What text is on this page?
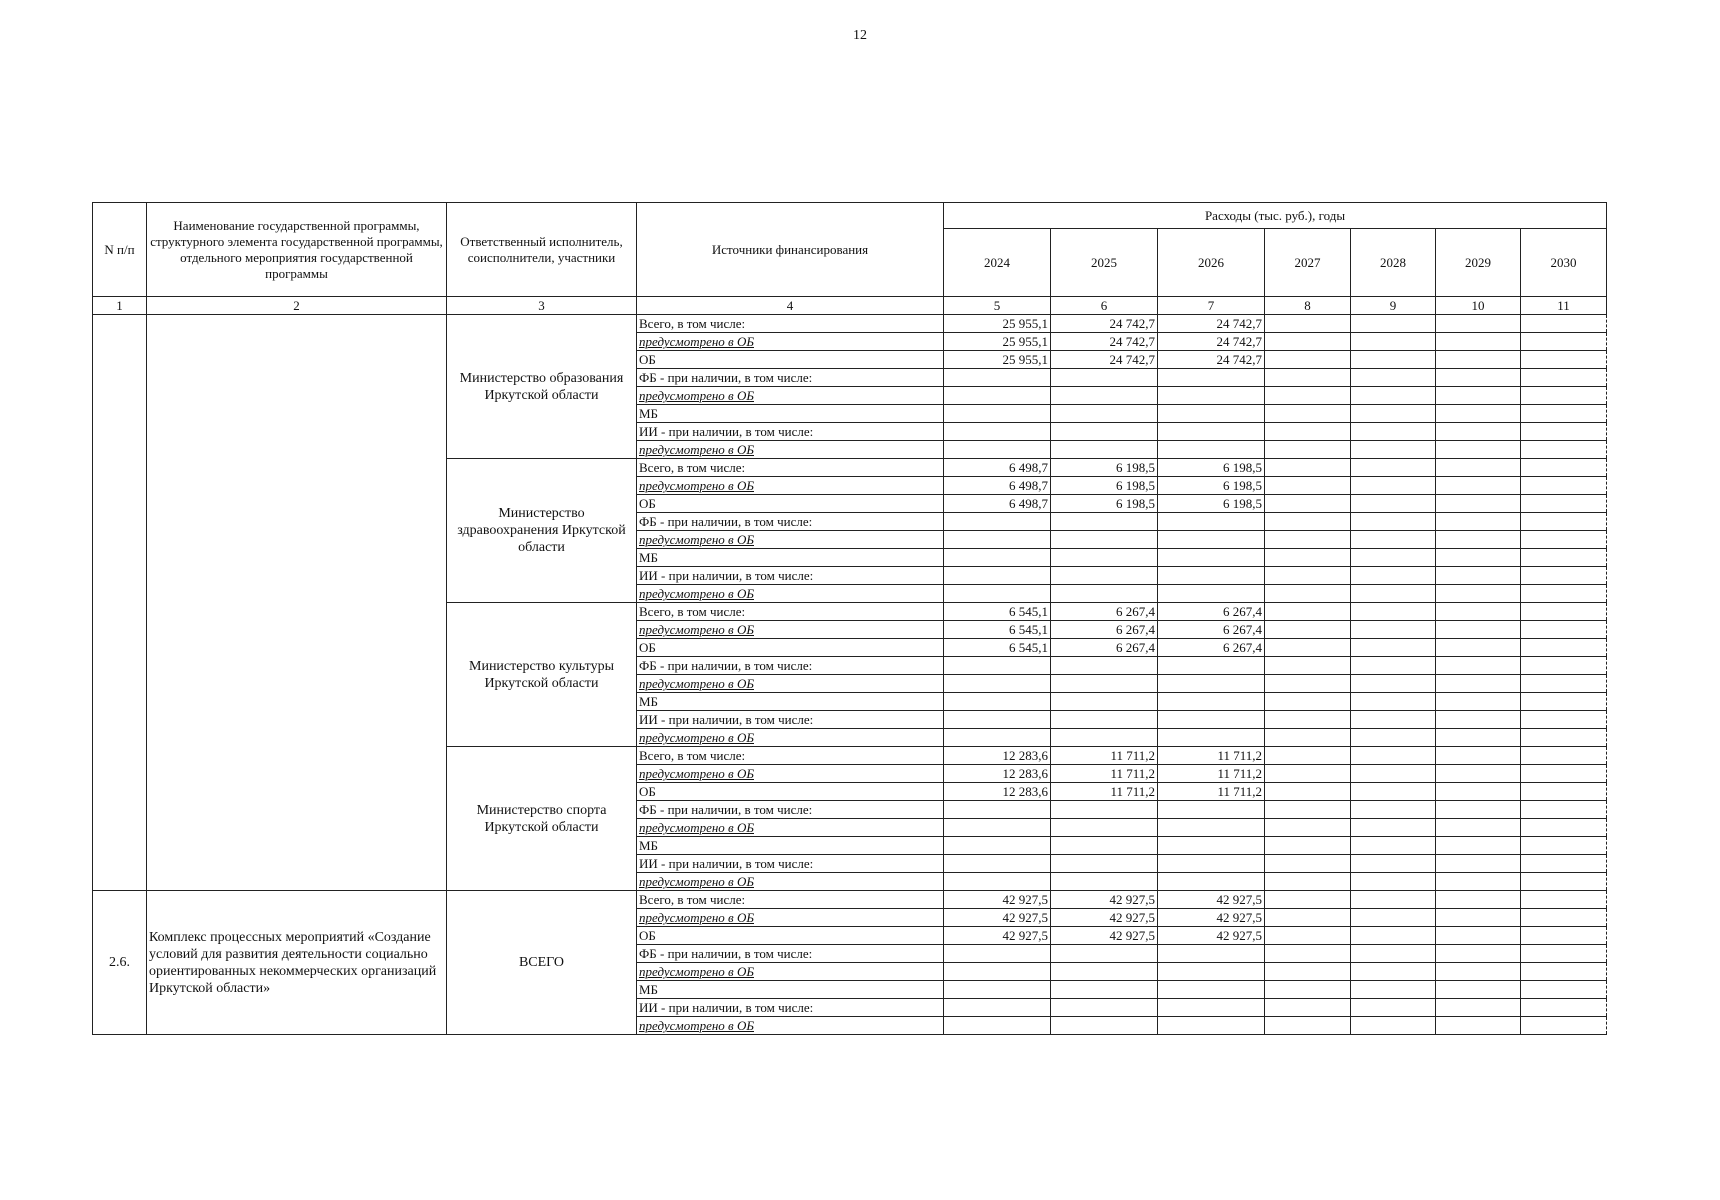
12
N п/п	Наименование государственной программы, структурного элемента государственной программы, отдельного мероприятия государственной программы	Ответственный исполнитель, соисполнители, участники	Источники финансирования	Расходы (тыс. руб.), годы						
				2024	2025	2026	2027	2028	2029	2030
1	2	3	4	5	6	7	8	9	10	11
		Министерство образования Иркутской области	Всего, в том числе:	25 955,1	24 742,7	24 742,7				
			предусмотрено в ОБ	25 955,1	24 742,7	24 742,7				
			ОБ	25 955,1	24 742,7	24 742,7				
			ФБ - при наличии, в том числе:							
			предусмотрено в ОБ							
			МБ							
			ИИ - при наличии, в том числе:							
			предусмотрено в ОБ							
		Министерство здравоохранения Иркутской области	Всего, в том числе:	6 498,7	6 198,5	6 198,5				
			предусмотрено в ОБ	6 498,7	6 198,5	6 198,5				
			ОБ	6 498,7	6 198,5	6 198,5				
			ФБ - при наличии, в том числе:							
			предусмотрено в ОБ							
			МБ							
			ИИ - при наличии, в том числе:							
			предусмотрено в ОБ							
		Министерство культуры Иркутской области	Всего, в том числе:	6 545,1	6 267,4	6 267,4				
			предусмотрено в ОБ	6 545,1	6 267,4	6 267,4				
			ОБ	6 545,1	6 267,4	6 267,4				
			ФБ - при наличии, в том числе:							
			предусмотрено в ОБ							
			МБ							
			ИИ - при наличии, в том числе:							
			предусмотрено в ОБ							
		Министерство спорта Иркутской области	Всего, в том числе:	12 283,6	11 711,2	11 711,2				
			предусмотрено в ОБ	12 283,6	11 711,2	11 711,2				
			ОБ	12 283,6	11 711,2	11 711,2				
			ФБ - при наличии, в том числе:							
			предусмотрено в ОБ							
			МБ							
			ИИ - при наличии, в том числе:							
			предусмотрено в ОБ							
2.6.	Комплекс процессных мероприятий «Создание условий для развития деятельности социально ориентированных некоммерческих организаций Иркутской области»	ВСЕГО	Всего, в том числе:	42 927,5	42 927,5	42 927,5				
			предусмотрено в ОБ	42 927,5	42 927,5	42 927,5				
			ОБ	42 927,5	42 927,5	42 927,5				
			ФБ - при наличии, в том числе:							
			предусмотрено в ОБ							
			МБ							
			ИИ - при наличии, в том числе:							
			предусмотрено в ОБ							
